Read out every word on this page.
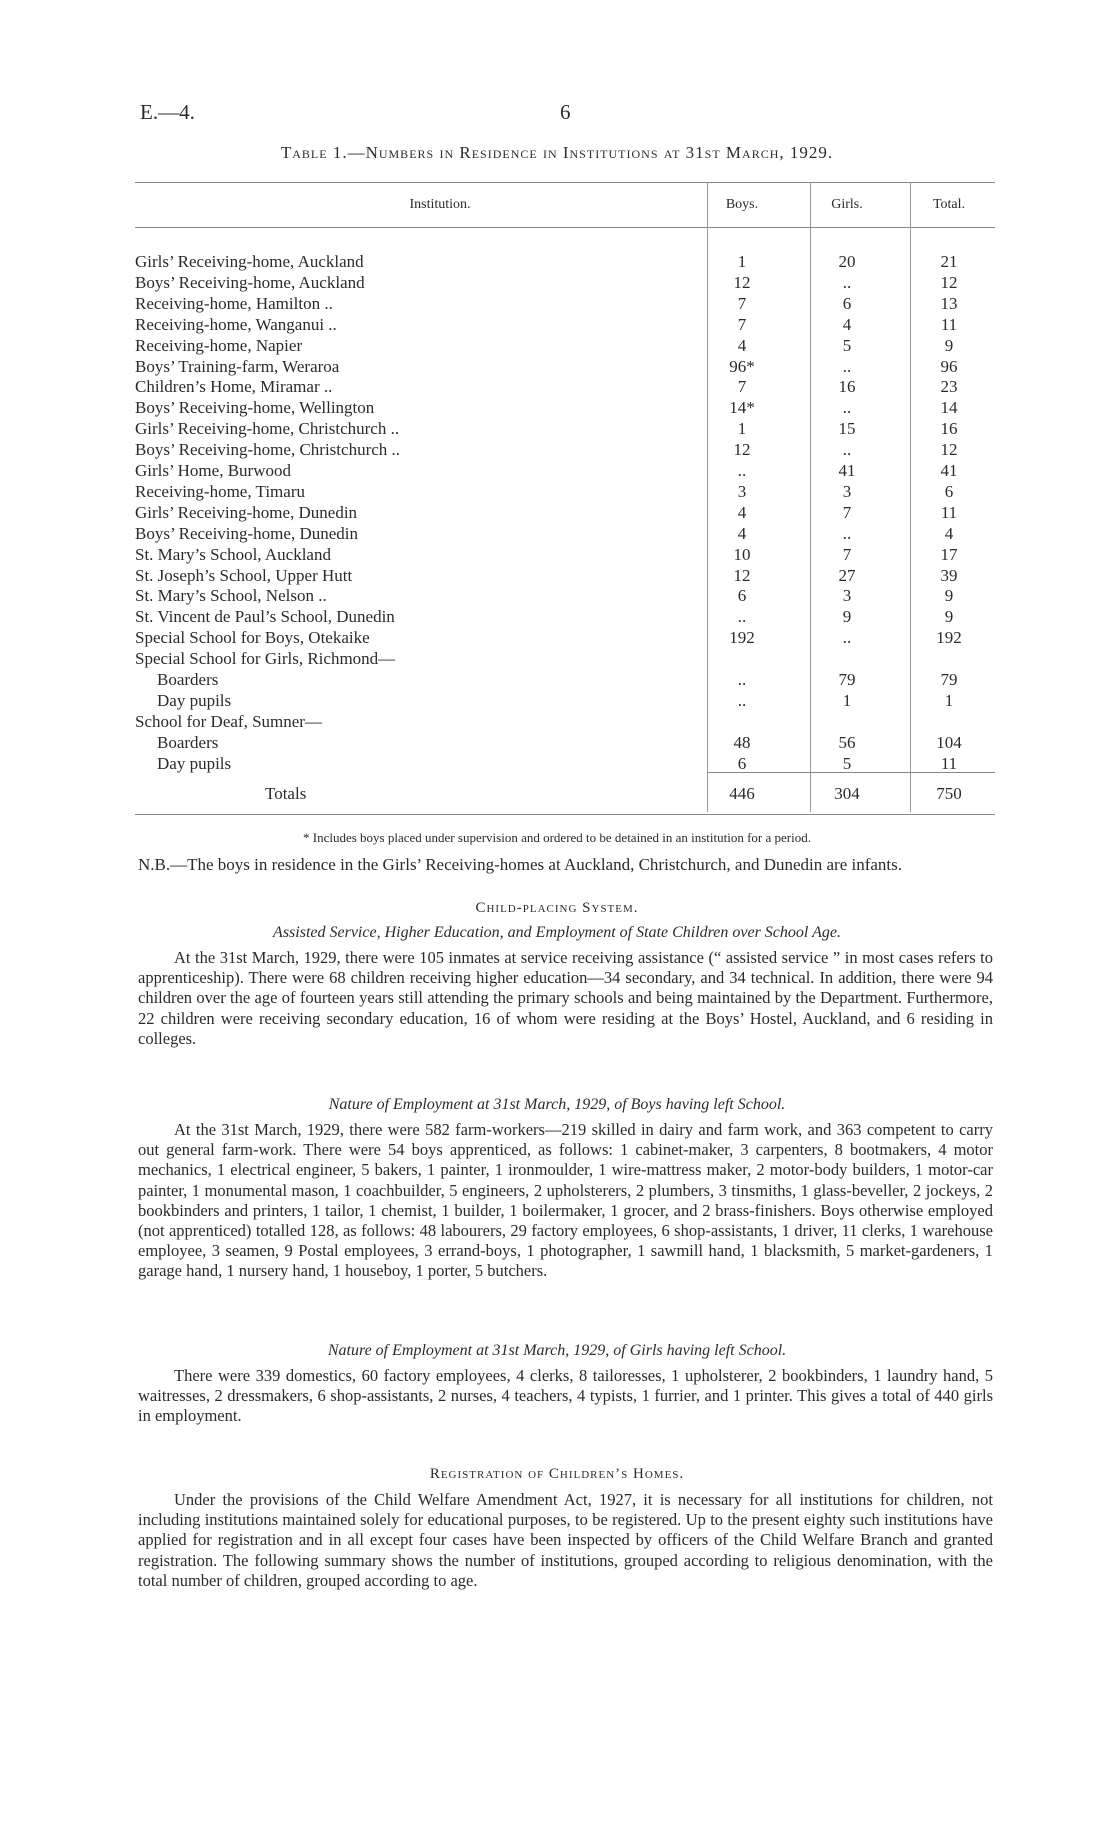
E.—4.	6
Table 1.—Numbers in Residence in Institutions at 31st March, 1929.
Institution.	Boys.	Girls.	Total.
Girls’ Receiving-home, Auckland	1	20	21
Boys’ Receiving-home, Auckland	12	..	12
Receiving-home, Hamilton ..	7	6	13
Receiving-home, Wanganui ..	7	4	11
Receiving-home, Napier	4	5	9
Boys’ Training-farm, Weraroa	96*	..	96
Children’s Home, Miramar ..	7	16	23
Boys’ Receiving-home, Wellington	14*	..	14
Girls’ Receiving-home, Christchurch ..	1	15	16
Boys’ Receiving-home, Christchurch ..	12	..	12
Girls’ Home, Burwood	..	41	41
Receiving-home, Timaru	3	3	6
Girls’ Receiving-home, Dunedin	4	7	11
Boys’ Receiving-home, Dunedin	4	..	4
St. Mary’s School, Auckland	10	7	17
St. Joseph’s School, Upper Hutt	12	27	39
St. Mary’s School, Nelson ..	6	3	9
St. Vincent de Paul’s School, Dunedin	..	9	9
Special School for Boys, Otekaike	192	..	192
Special School for Girls, Richmond—
Boarders	..	79	79
Day pupils	..	1	1
School for Deaf, Sumner—
Boarders	48	56	104
Day pupils	6	5	11
Totals	446	304	750
* Includes boys placed under supervision and ordered to be detained in an institution for a period.
N.B.—The boys in residence in the Girls’ Receiving-homes at Auckland, Christchurch, and Dunedin are infants.
Child-placing System.
Assisted Service, Higher Education, and Employment of State Children over School Age.
At the 31st March, 1929, there were 105 inmates at service receiving assistance (“ assisted service ” in most cases refers to apprenticeship). There were 68 children receiving higher education—34 secondary, and 34 technical. In addition, there were 94 children over the age of fourteen years still attending the primary schools and being maintained by the Department. Furthermore, 22 children were receiving secondary education, 16 of whom were residing at the Boys’ Hostel, Auckland, and 6 residing in colleges.
Nature of Employment at 31st March, 1929, of Boys having left School.
At the 31st March, 1929, there were 582 farm-workers—219 skilled in dairy and farm work, and 363 competent to carry out general farm-work. There were 54 boys apprenticed, as follows: 1 cabinet-maker, 3 carpenters, 8 bootmakers, 4 motor mechanics, 1 electrical engineer, 5 bakers, 1 painter, 1 ironmoulder, 1 wire-mattress maker, 2 motor-body builders, 1 motor-car painter, 1 monumental mason, 1 coachbuilder, 5 engineers, 2 upholsterers, 2 plumbers, 3 tinsmiths, 1 glass-beveller, 2 jockeys, 2 bookbinders and printers, 1 tailor, 1 chemist, 1 builder, 1 boilermaker, 1 grocer, and 2 brass-finishers. Boys otherwise employed (not apprenticed) totalled 128, as follows: 48 labourers, 29 factory employees, 6 shop-assistants, 1 driver, 11 clerks, 1 warehouse employee, 3 seamen, 9 Postal employees, 3 errand-boys, 1 photographer, 1 sawmill hand, 1 blacksmith, 5 market-gardeners, 1 garage hand, 1 nursery hand, 1 houseboy, 1 porter, 5 butchers.
Nature of Employment at 31st March, 1929, of Girls having left School.
There were 339 domestics, 60 factory employees, 4 clerks, 8 tailoresses, 1 upholsterer, 2 bookbinders, 1 laundry hand, 5 waitresses, 2 dressmakers, 6 shop-assistants, 2 nurses, 4 teachers, 4 typists, 1 furrier, and 1 printer. This gives a total of 440 girls in employment.
Registration of Children’s Homes.
Under the provisions of the Child Welfare Amendment Act, 1927, it is necessary for all institutions for children, not including institutions maintained solely for educational purposes, to be registered. Up to the present eighty such institutions have applied for registration and in all except four cases have been inspected by officers of the Child Welfare Branch and granted registration. The following summary shows the number of institutions, grouped according to religious denomination, with the total number of children, grouped according to age.
